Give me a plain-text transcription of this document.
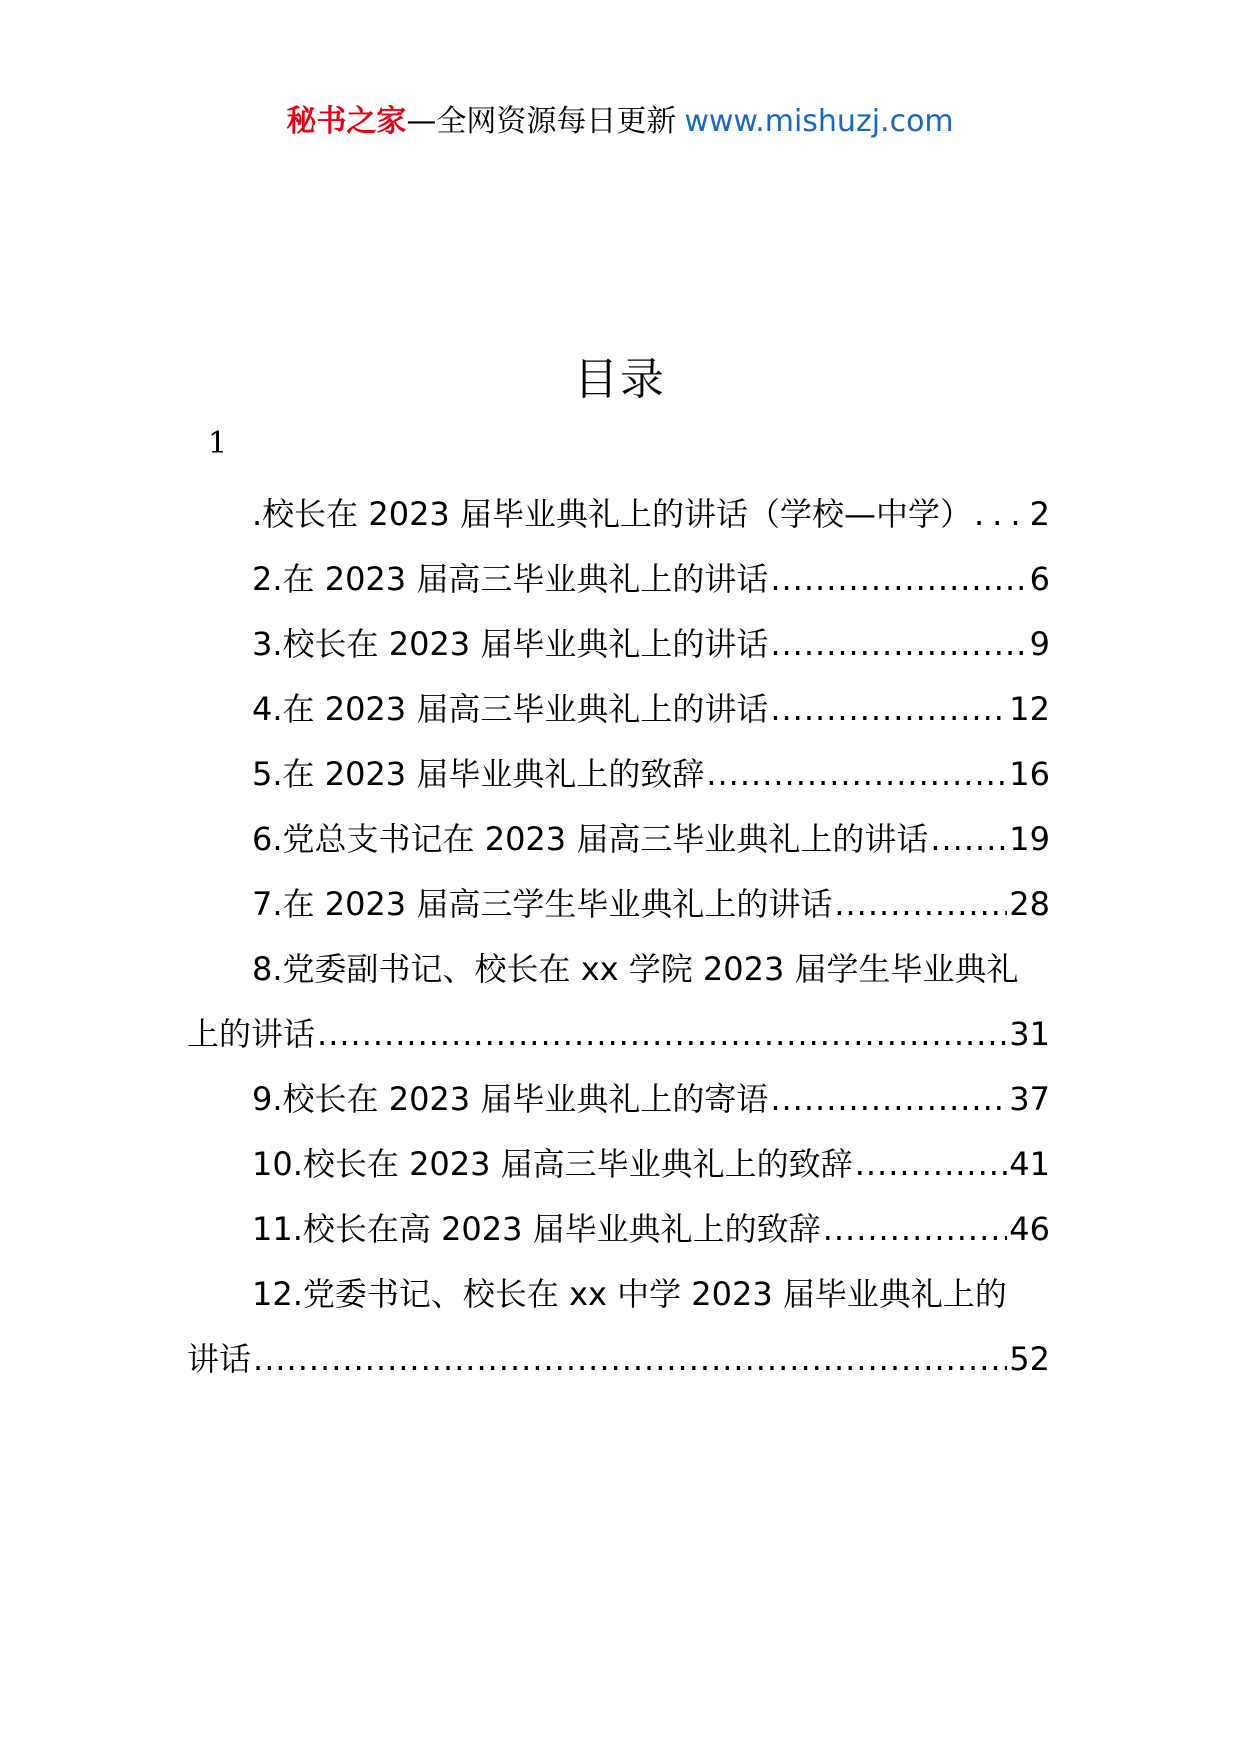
秘书之家—全网资源每日更新 www.mishuzj.com
目录
1
.校长在 2023 届毕业典礼上的讲话（学校—中学） ..... 2
2.在 2023 届高三毕业典礼上的讲话 .....	6
3.校长在 2023 届毕业典礼上的讲话 .....	9
4.在 2023 届高三毕业典礼上的讲话 .....	12
5.在 2023 届毕业典礼上的致辞 .....	16
6.党总支书记在 2023 届高三毕业典礼上的讲话 .....	19
7.在 2023 届高三学生毕业典礼上的讲话 .....	28
8.党委副书记、校长在 xx 学院 2023 届学生毕业典礼
上的讲话 .....	31
9.校长在 2023 届毕业典礼上的寄语 .....	37
10.校长在 2023 届高三毕业典礼上的致辞 .....	41
11.校长在高 2023 届毕业典礼上的致辞 .....	46
12.党委书记、校长在 xx 中学 2023 届毕业典礼上的
讲话 .....	52
